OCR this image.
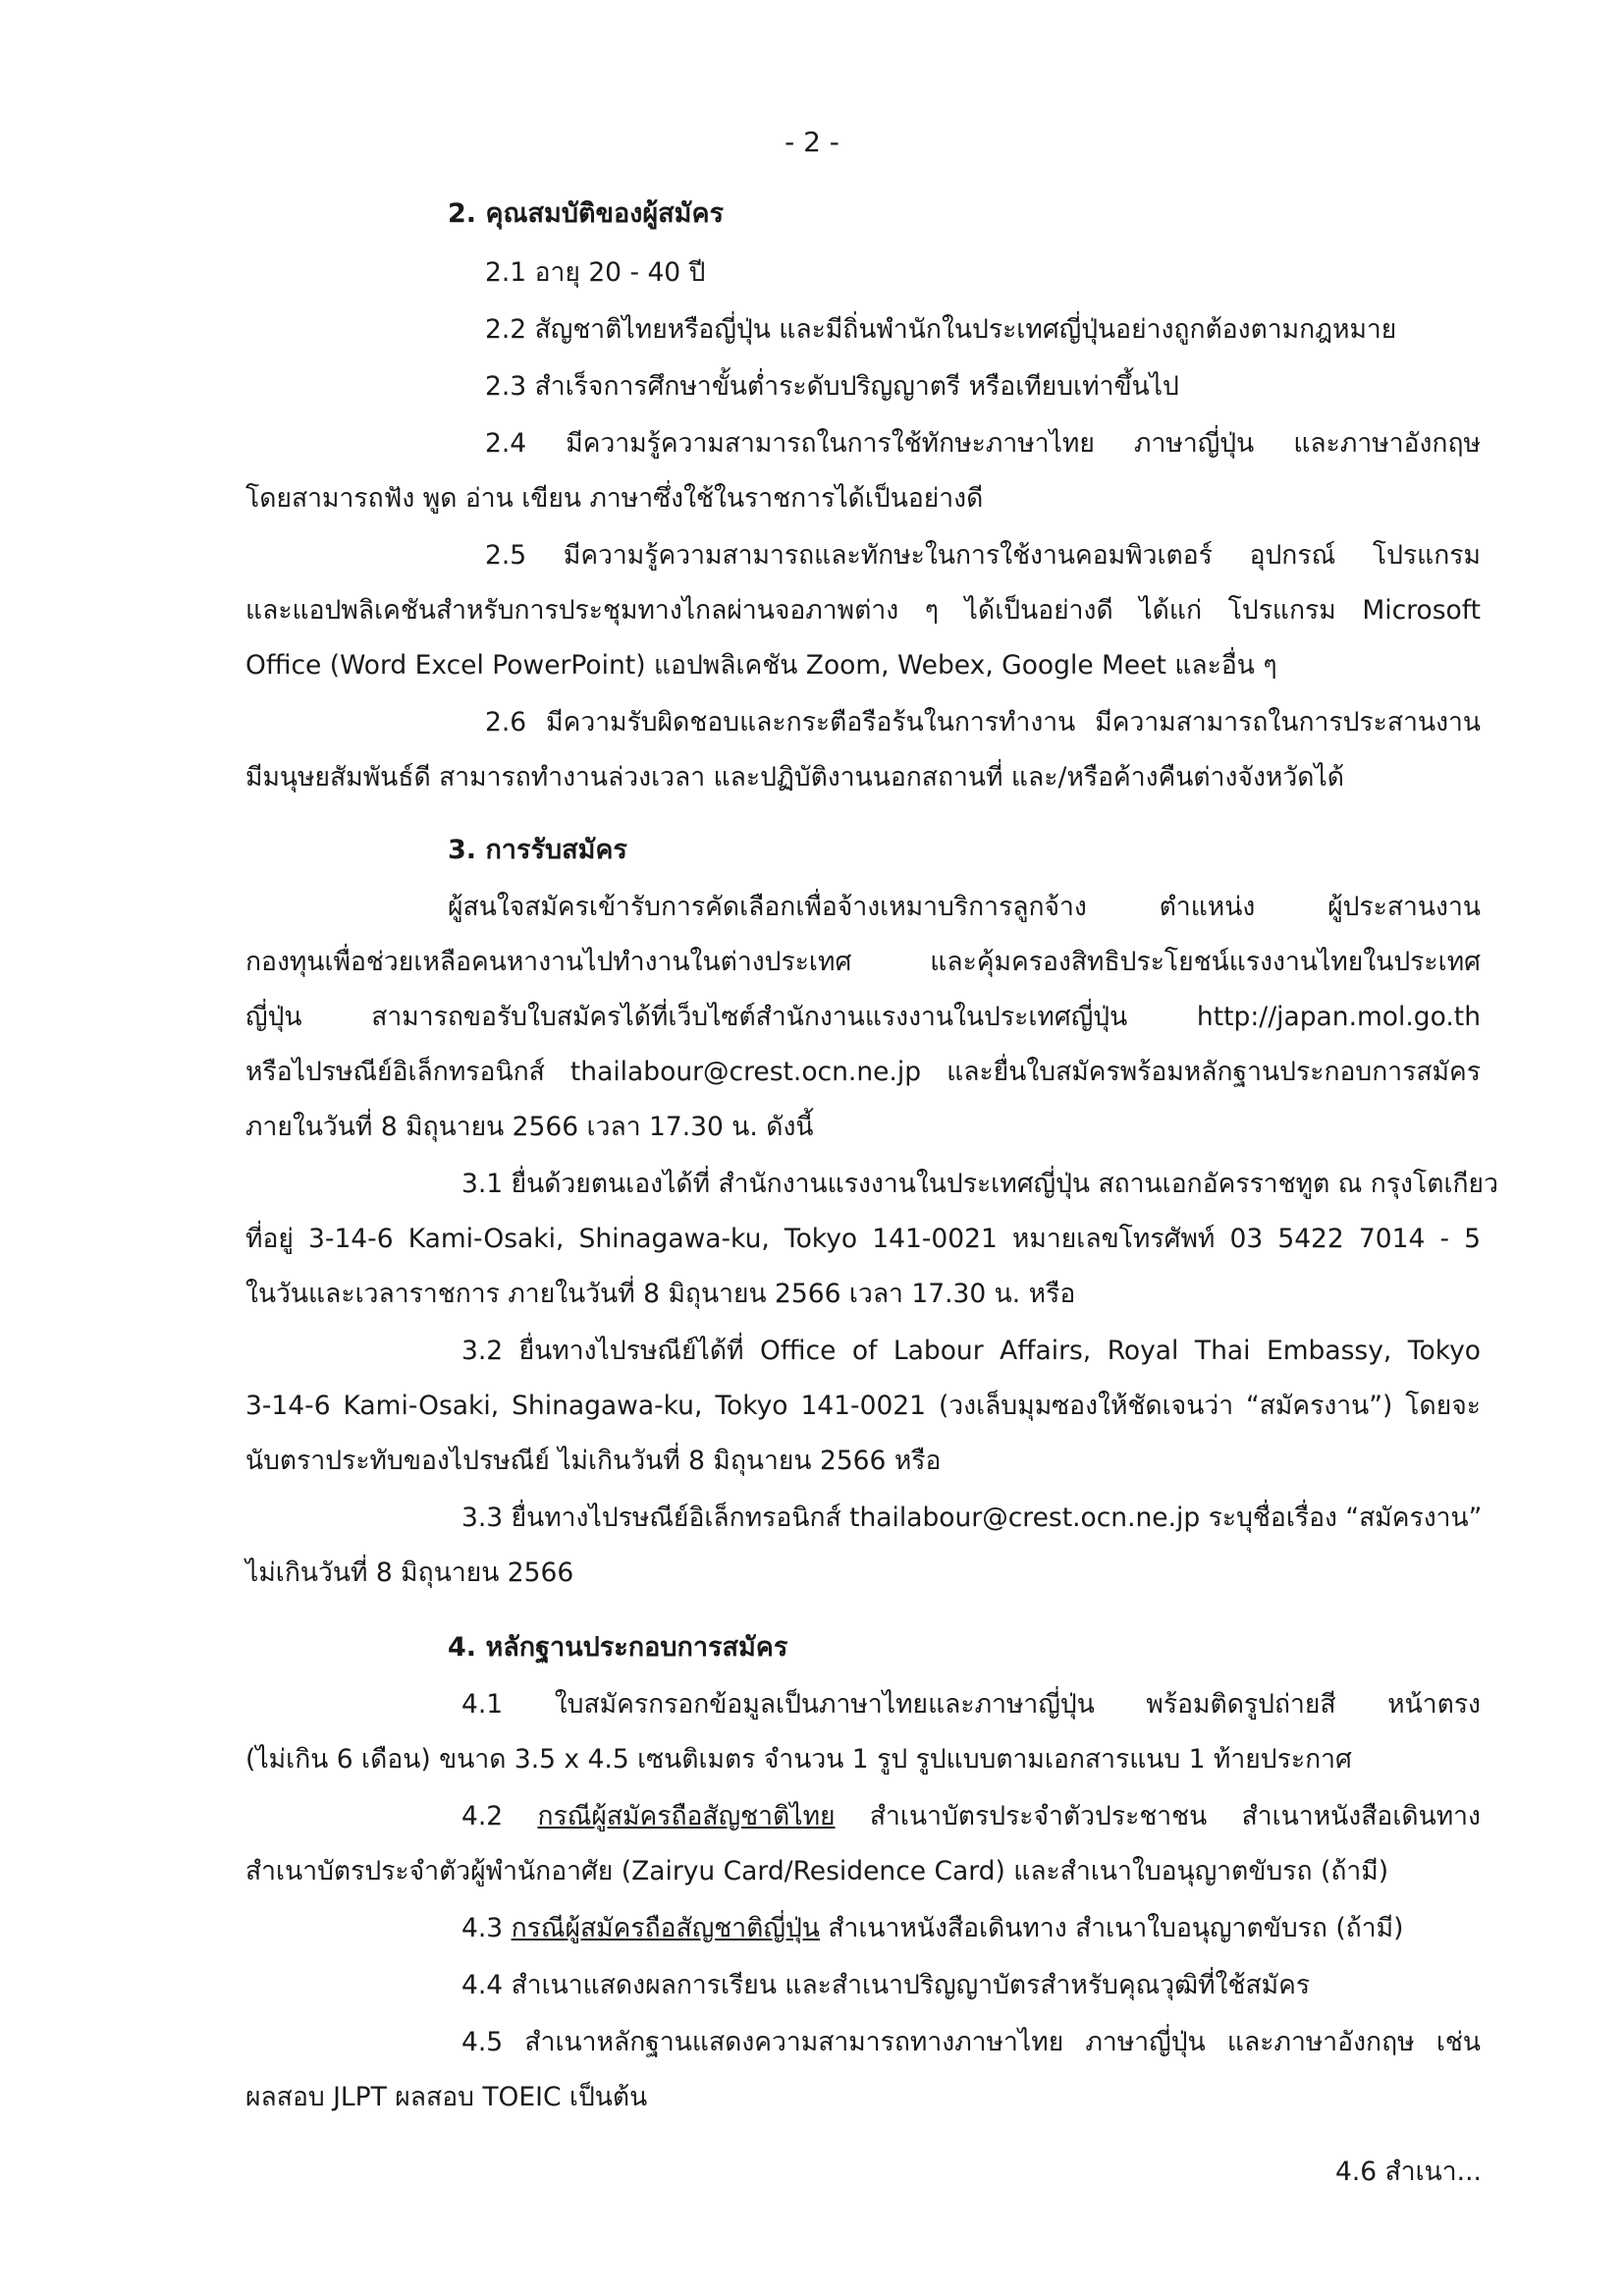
- 2 -
2. คุณสมบัติของผู้สมัคร
2.1 อายุ 20 - 40 ปี
2.2 สัญชาติไทยหรือญี่ปุ่น และมีถิ่นพำนักในประเทศญี่ปุ่นอย่างถูกต้องตามกฎหมาย
2.3 สำเร็จการศึกษาขั้นต่ำระดับปริญญาตรี หรือเทียบเท่าขึ้นไป
2.4 มีความรู้ความสามารถในการใช้ทักษะภาษาไทย ภาษาญี่ปุ่น และภาษาอังกฤษ
โดยสามารถฟัง พูด อ่าน เขียน ภาษาซึ่งใช้ในราชการได้เป็นอย่างดี
2.5 มีความรู้ความสามารถและทักษะในการใช้งานคอมพิวเตอร์ อุปกรณ์ โปรแกรม
และแอปพลิเคชันสำหรับการประชุมทางไกลผ่านจอภาพต่าง ๆ ได้เป็นอย่างดี ได้แก่ โปรแกรม Microsoft
Office (Word Excel PowerPoint) แอปพลิเคชัน Zoom, Webex, Google Meet และอื่น ๆ
2.6 มีความรับผิดชอบและกระตือรือร้นในการทำงาน มีความสามารถในการประสานงาน
มีมนุษยสัมพันธ์ดี สามารถทำงานล่วงเวลา และปฏิบัติงานนอกสถานที่ และ/หรือค้างคืนต่างจังหวัดได้
3. การรับสมัคร
ผู้สนใจสมัครเข้ารับการคัดเลือกเพื่อจ้างเหมาบริการลูกจ้าง ตำแหน่ง ผู้ประสานงาน
กองทุนเพื่อช่วยเหลือคนหางานไปทำงานในต่างประเทศ และคุ้มครองสิทธิประโยชน์แรงงานไทยในประเทศ
ญี่ปุ่น สามารถขอรับใบสมัครได้ที่เว็บไซต์สำนักงานแรงงานในประเทศญี่ปุ่น http://japan.mol.go.th
หรือไปรษณีย์อิเล็กทรอนิกส์ thailabour@crest.ocn.ne.jp และยื่นใบสมัครพร้อมหลักฐานประกอบการสมัคร
ภายในวันที่ 8 มิถุนายน 2566 เวลา 17.30 น. ดังนี้
3.1 ยื่นด้วยตนเองได้ที่ สำนักงานแรงงานในประเทศญี่ปุ่น สถานเอกอัครราชทูต ณ กรุงโตเกียว
ที่อยู่ 3-14-6 Kami-Osaki, Shinagawa-ku, Tokyo 141-0021 หมายเลขโทรศัพท์ 03 5422 7014 - 5
ในวันและเวลาราชการ ภายในวันที่ 8 มิถุนายน 2566 เวลา 17.30 น. หรือ
3.2 ยื่นทางไปรษณีย์ได้ที่ Office of Labour Affairs, Royal Thai Embassy, Tokyo
3-14-6 Kami-Osaki, Shinagawa-ku, Tokyo 141-0021 (วงเล็บมุมซองให้ชัดเจนว่า “สมัครงาน”) โดยจะ
นับตราประทับของไปรษณีย์ ไม่เกินวันที่ 8 มิถุนายน 2566 หรือ
3.3 ยื่นทางไปรษณีย์อิเล็กทรอนิกส์ thailabour@crest.ocn.ne.jp ระบุชื่อเรื่อง “สมัครงาน”
ไม่เกินวันที่ 8 มิถุนายน 2566
4. หลักฐานประกอบการสมัคร
4.1 ใบสมัครกรอกข้อมูลเป็นภาษาไทยและภาษาญี่ปุ่น พร้อมติดรูปถ่ายสี หน้าตรง
(ไม่เกิน 6 เดือน) ขนาด 3.5 x 4.5 เซนติเมตร จำนวน 1 รูป รูปแบบตามเอกสารแนบ 1 ท้ายประกาศ
4.2 กรณีผู้สมัครถือสัญชาติไทย สำเนาบัตรประจำตัวประชาชน สำเนาหนังสือเดินทาง
สำเนาบัตรประจำตัวผู้พำนักอาศัย (Zairyu Card/Residence Card) และสำเนาใบอนุญาตขับรถ (ถ้ามี)
4.3 กรณีผู้สมัครถือสัญชาติญี่ปุ่น สำเนาหนังสือเดินทาง สำเนาใบอนุญาตขับรถ (ถ้ามี)
4.4 สำเนาแสดงผลการเรียน และสำเนาปริญญาบัตรสำหรับคุณวุฒิที่ใช้สมัคร
4.5 สำเนาหลักฐานแสดงความสามารถทางภาษาไทย ภาษาญี่ปุ่น และภาษาอังกฤษ เช่น
ผลสอบ JLPT ผลสอบ TOEIC เป็นต้น
4.6 สำเนา...
